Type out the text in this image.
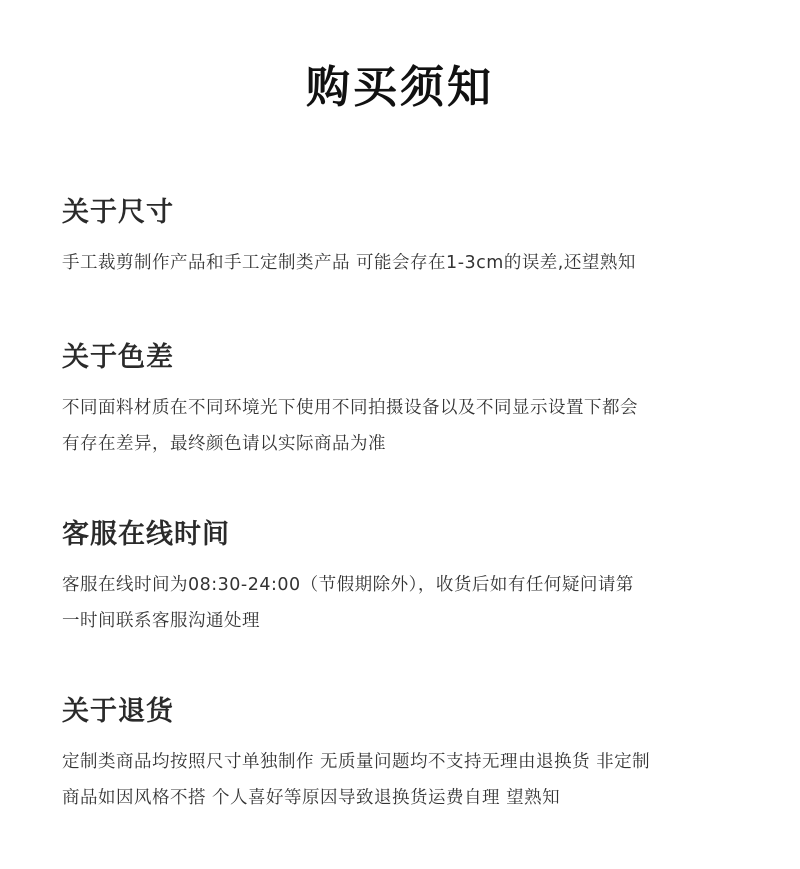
购买须知
关于尺寸

手工裁剪制作产品和手工定制类产品 可能会存在1-3cm的误差,还望熟知

关于色差

不同面料材质在不同环境光下使用不同拍摄设备以及不同显示设置下都会
有存在差异，最终颜色请以实际商品为准

客服在线时间

客服在线时间为08:30-24:00（节假期除外），收货后如有任何疑问请第
一时间联系客服沟通处理

关于退货

定制类商品均按照尺寸单独制作 无质量问题均不支持无理由退换货 非定制
商品如因风格不搭 个人喜好等原因导致退换货运费自理 望熟知
